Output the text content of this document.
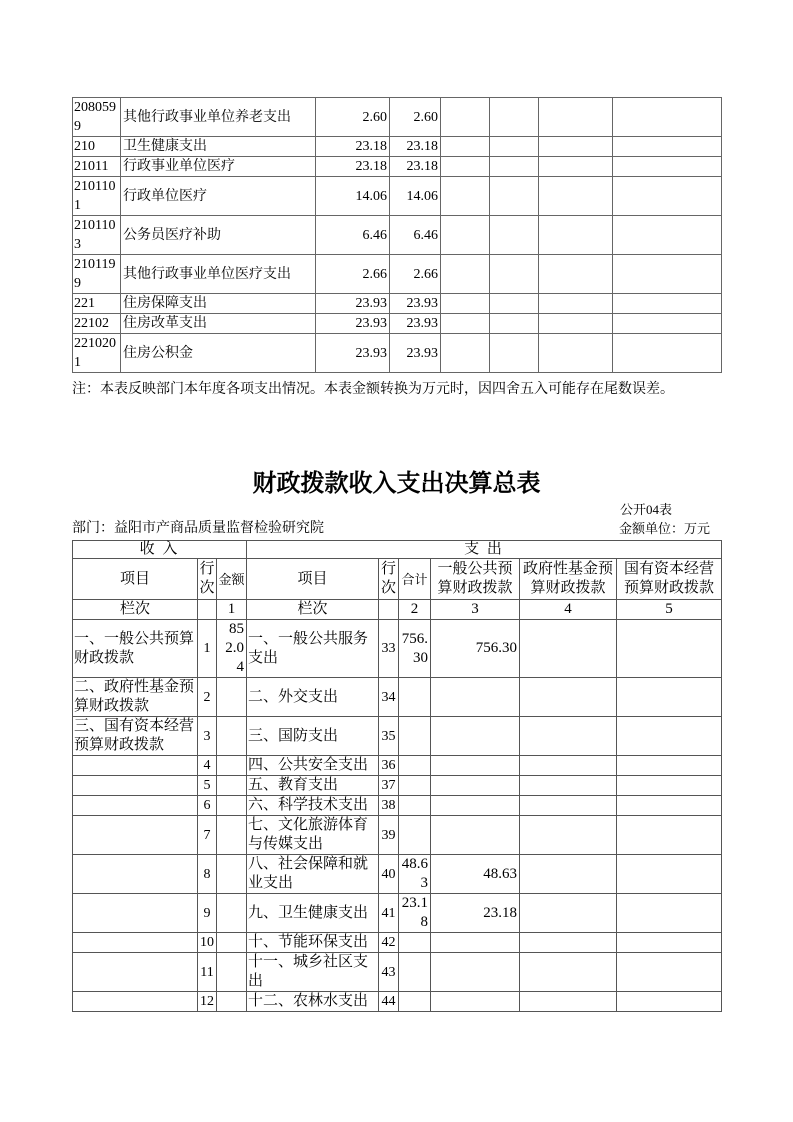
2080599	其他行政事业单位养老支出	2.60	2.60				
210	卫生健康支出	23.18	23.18				
21011	行政事业单位医疗	23.18	23.18				
2101101	行政单位医疗	14.06	14.06				
2101103	公务员医疗补助	6.46	6.46				
2101199	其他行政事业单位医疗支出	2.66	2.66				
221	住房保障支出	23.93	23.93				
22102	住房改革支出	23.93	23.93				
2210201	住房公积金	23.93	23.93				
注：本表反映部门本年度各项支出情况。本表金额转换为万元时，因四舍五入可能存在尾数误差。
财政拨款收入支出决算总表
公开04表
部门：益阳市产商品质量监督检验研究院	金额单位：万元
收 入			支 出					
项目	行次	金额	项目	行次	合计	一般公共预算财政拨款	政府性基金预算财政拨款	国有资本经营预算财政拨款
栏次		1	栏次		2	3	4	5
一、一般公共预算财政拨款	1	852.04	一、一般公共服务支出	33	756.30	756.30		
二、政府性基金预算财政拨款	2		二、外交支出	34				
三、国有资本经营预算财政拨款	3		三、国防支出	35				
	4		四、公共安全支出	36				
	5		五、教育支出	37				
	6		六、科学技术支出	38				
	7		七、文化旅游体育与传媒支出	39				
	8		八、社会保障和就业支出	40	48.63	48.63		
	9		九、卫生健康支出	41	23.18	23.18		
	10		十、节能环保支出	42				
	11		十一、城乡社区支出	43				
	12		十二、农林水支出	44				
